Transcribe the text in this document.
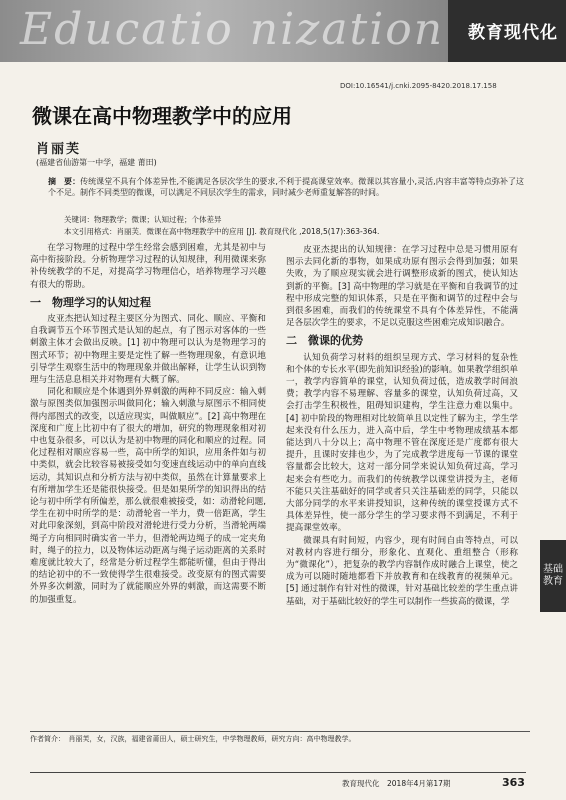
Educatio nization 教育现代化
DOI:10.16541/j.cnki.2095-8420.2018.17.158
微课在高中物理教学中的应用
肖丽芙
(福建省仙游第一中学，福建 莆田)
摘　要：传统课堂不具有个体差异性,不能满足各层次学生的要求,不利于提高课堂效率。微课以其容量小,灵活,内容丰富等特点弥补了这个不足。制作不同类型的微课，可以满足不同层次学生的需求，同时减少老师重复解答的时间。
关键词：物理教学；微课；认知过程；个体差异
本文引用格式：肖丽芙．微课在高中物理教学中的应用 [J]. 教育现代化 ,2018,5(17):363-364.

在学习物理的过程中学生经常会感到困难，尤其是初中与高中衔接阶段。分析物理学习过程的认知规律，利用微课来弥补传统教学的不足，对提高学习物理信心，培养物理学习兴趣有很大的帮助。

一　物理学习的认知过程

皮亚杰把认知过程主要区分为图式、同化、顺应、平衡和自我调节五个环节图式是认知的起点，有了图示对客体的一些刺激主体才会做出反映。[1] 初中物理可以认为是物理学习的图式环节；初中物理主要是定性了解一些物理现象，有意识地引导学生观察生活中的物理现象并做出解释，让学生认识到物理与生活息息相关并对物理有大概了解。

同化和顺应是个体遇到外界刺激的两种不同反应：输入刺激与原图类似加强图示叫做同化；输入刺激与原图示不相同使得内部图式的改变，以适应现实，叫做顺应”。[2] 高中物理在深度和广度上比初中有了很大的增加，研究的物理现象相对初中也复杂很多，可以认为是初中物理的同化和顺应的过程。同化过程相对顺应容易一些，高中所学的知识，应用条件如与初中类似，就会比较容易被接受如匀变速直线运动中的单向直线运动，其知识点和分析方法与初中类似，虽然在计算量要求上有所增加学生还是能很快接受。但是如果所学的知识得出的结论与初中所学有所偏差，那么就很难被接受，如：动滑轮问题,学生在初中时所学的是：动滑轮省一半力，费一倍距离，学生对此印象深刻，到高中阶段对滑轮进行受力分析，当滑轮两端绳子方向相同时确实省一半力，但滑轮两边绳子的成一定夹角时，绳子的拉力，以及物体运动距离与绳子运动距离的关系时难度就比较大了，经常是分析过程学生都能听懂，但由于得出的结论初中的不一致使得学生很难接受。改变原有的图式需要外界多次刺激，同时为了就能顺应外界的刺激，而这需要不断的加强重复。

皮亚杰提出的认知规律：在学习过程中总是习惯用原有图示去同化新的事物，如果成功原有图示会得到加强；如果失败，为了顺应现实就会进行调整形成新的图式，使认知达到新的平衡。[3] 高中物理的学习就是在平衡和自我调节的过程中形成完整的知识体系，只是在平衡和调节的过程中会与到很多困难，而我们的传统课堂不具有个体差异性，不能满足各层次学生的要求，不足以克服这些困难完成知识融合。

二　微课的优势

认知负荷学习材料的组织呈现方式、学习材料的复杂性和个体的专长水平(即先前知识经验)的影响。如果教学组织单一，教学内容简单的课堂，认知负荷过低，造成教学时间浪费；教学内容不易理解、容量多的课堂，认知负荷过高，又会打击学生积极性，阻碍知识建构，学生注意力难以集中。[4] 初中阶段的物理相对比较简单且以定性了解为主，学生学起来没有什么压力，进入高中后，学生中考物理成绩基本都能达到八十分以上；高中物理不管在深度还是广度都有很大提升，且课时安排也少，为了完成教学进度每一节课的课堂容量都会比较大，这对一部分同学来说认知负荷过高，学习起来会有些吃力。而我们的传统教学以课堂讲授为主，老师不能只关注基础好的同学或者只关注基础差的同学，只能以大部分同学的水平来讲授知识，这种传统的课堂授课方式不具体差异性，使一部分学生的学习要求得不到满足，不利于提高课堂效率。

微课具有时间短，内容少，现有时间自由等特点，可以对教材内容进行细分，形象化、直观化、重组整合（形称为“微课化”），把复杂的教学内容制作成时融合上课堂，使之成为可以随时随地都看下并放教育和在线教育的视频单元。[5] 通过制作有针对性的微课，针对基础比较差的学生重点讲基础，对于基础比较好的学生可以制作一些拔高的微课，学

基础教育
作者简介：　肖丽芙，女，汉族，福建省莆田人，硕士研究生，中学物理教师，研究方向：高中物理教学。
教育现代化　2018年4月第17期	363
